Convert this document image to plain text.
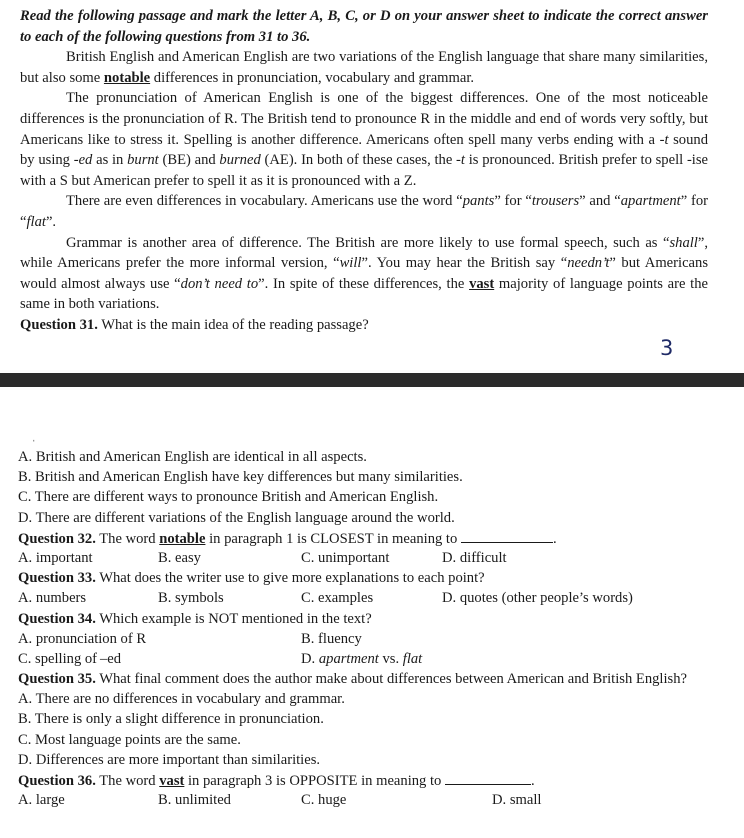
Read the following passage and mark the letter A, B, C, or D on your answer sheet to indicate the correct answer to each of the following questions from 31 to 36.

British English and American English are two variations of the English language that share many similarities, but also some notable differences in pronunciation, vocabulary and grammar.

The pronunciation of American English is one of the biggest differences. One of the most noticeable differences is the pronunciation of R. The British tend to pronounce R in the middle and end of words very softly, but Americans like to stress it. Spelling is another difference. Americans often spell many verbs ending with a -t sound by using -ed as in burnt (BE) and burned (AE). In both of these cases, the -t is pronounced. British prefer to spell -ise with a S but American prefer to spell it as it is pronounced with a Z.

There are even differences in vocabulary. Americans use the word “pants” for “trousers” and “apartment” for “flat”.

Grammar is another area of difference. The British are more likely to use formal speech, such as “shall”, while Americans prefer the more informal version, “will”. You may hear the British say “needn’t” but Americans would almost always use “don’t need to”. In spite of these differences, the vast majority of language points are the same in both variations.

Question 31. What is the main idea of the reading passage?

3
ˌ
A. British and American English are identical in all aspects.
B. British and American English have key differences but many similarities.
C. There are different ways to pronounce British and American English.
D. There are different variations of the English language around the world.
Question 32. The word notable in paragraph 1 is CLOSEST in meaning to	.
A. important	B. easy	C. unimportant	D. difficult
Question 33. What does the writer use to give more explanations to each point?
A. numbers	B. symbols	C. examples	D. quotes (other people’s words)
Question 34. Which example is NOT mentioned in the text?
A. pronunciation of R	B. fluency
C. spelling of –ed	D. apartment vs. flat
Question 35. What final comment does the author make about differences between American and British English?
A. There are no differences in vocabulary and grammar.
B. There is only a slight difference in pronunciation.
C. Most language points are the same.
D. Differences are more important than similarities.
Question 36. The word vast in paragraph 3 is OPPOSITE in meaning to	.
A. large	B. unlimited	C. huge	D. small
